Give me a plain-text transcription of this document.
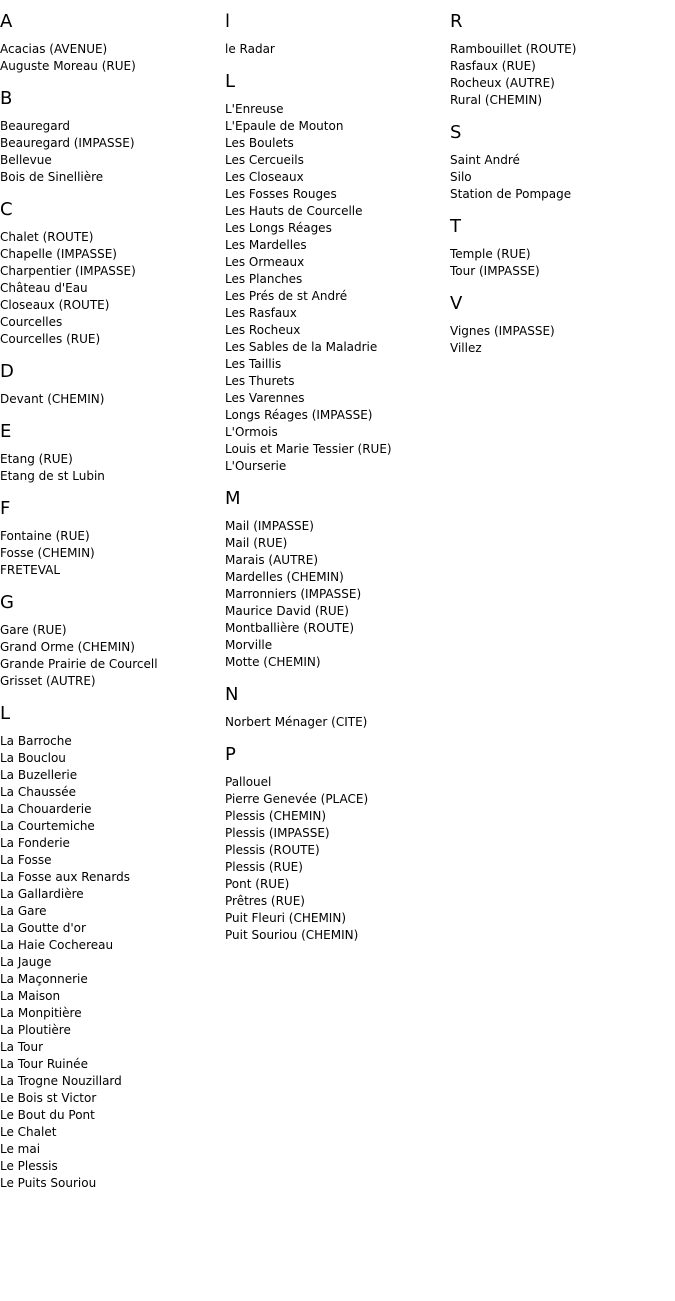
A
Acacias (AVENUE)
Auguste Moreau (RUE)
B
Beauregard
Beauregard (IMPASSE)
Bellevue
Bois de Sinellière
C
Chalet (ROUTE)
Chapelle (IMPASSE)
Charpentier (IMPASSE)
Château d'Eau
Closeaux (ROUTE)
Courcelles
Courcelles (RUE)
D
Devant (CHEMIN)
E
Etang (RUE)
Etang de st Lubin
F
Fontaine (RUE)
Fosse (CHEMIN)
FRETEVAL
G
Gare (RUE)
Grand Orme (CHEMIN)
Grande Prairie de Courcell
Grisset (AUTRE)
L
La Barroche
La Bouclou
La Buzellerie
La Chaussée
La Chouarderie
La Courtemiche
La Fonderie
La Fosse
La Fosse aux Renards
La Gallardière
La Gare
La Goutte d'or
La Haie Cochereau
La Jauge
La Maçonnerie
La Maison
La Monpitière
La Ploutière
La Tour
La Tour Ruinée
La Trogne Nouzillard
Le Bois st Victor
Le Bout du Pont
Le Chalet
Le mai
Le Plessis
Le Puits Souriou
l
le Radar
L
L'Enreuse
L'Epaule de Mouton
Les Boulets
Les Cercueils
Les Closeaux
Les Fosses Rouges
Les Hauts de Courcelle
Les Longs Réages
Les Mardelles
Les Ormeaux
Les Planches
Les Prés de st André
Les Rasfaux
Les Rocheux
Les Sables de la Maladrie
Les Taillis
Les Thurets
Les Varennes
Longs Réages (IMPASSE)
L'Ormois
Louis et Marie Tessier (RUE)
L'Ourserie
M
Mail (IMPASSE)
Mail (RUE)
Marais (AUTRE)
Mardelles (CHEMIN)
Marronniers (IMPASSE)
Maurice David (RUE)
Montballière (ROUTE)
Morville
Motte (CHEMIN)
N
Norbert Ménager (CITE)
P
Pallouel
Pierre Genevée (PLACE)
Plessis (CHEMIN)
Plessis (IMPASSE)
Plessis (ROUTE)
Plessis (RUE)
Pont (RUE)
Prêtres (RUE)
Puit Fleuri (CHEMIN)
Puit Souriou (CHEMIN)
R
Rambouillet (ROUTE)
Rasfaux (RUE)
Rocheux (AUTRE)
Rural (CHEMIN)
S
Saint André
Silo
Station de Pompage
T
Temple (RUE)
Tour (IMPASSE)
V
Vignes (IMPASSE)
Villez
